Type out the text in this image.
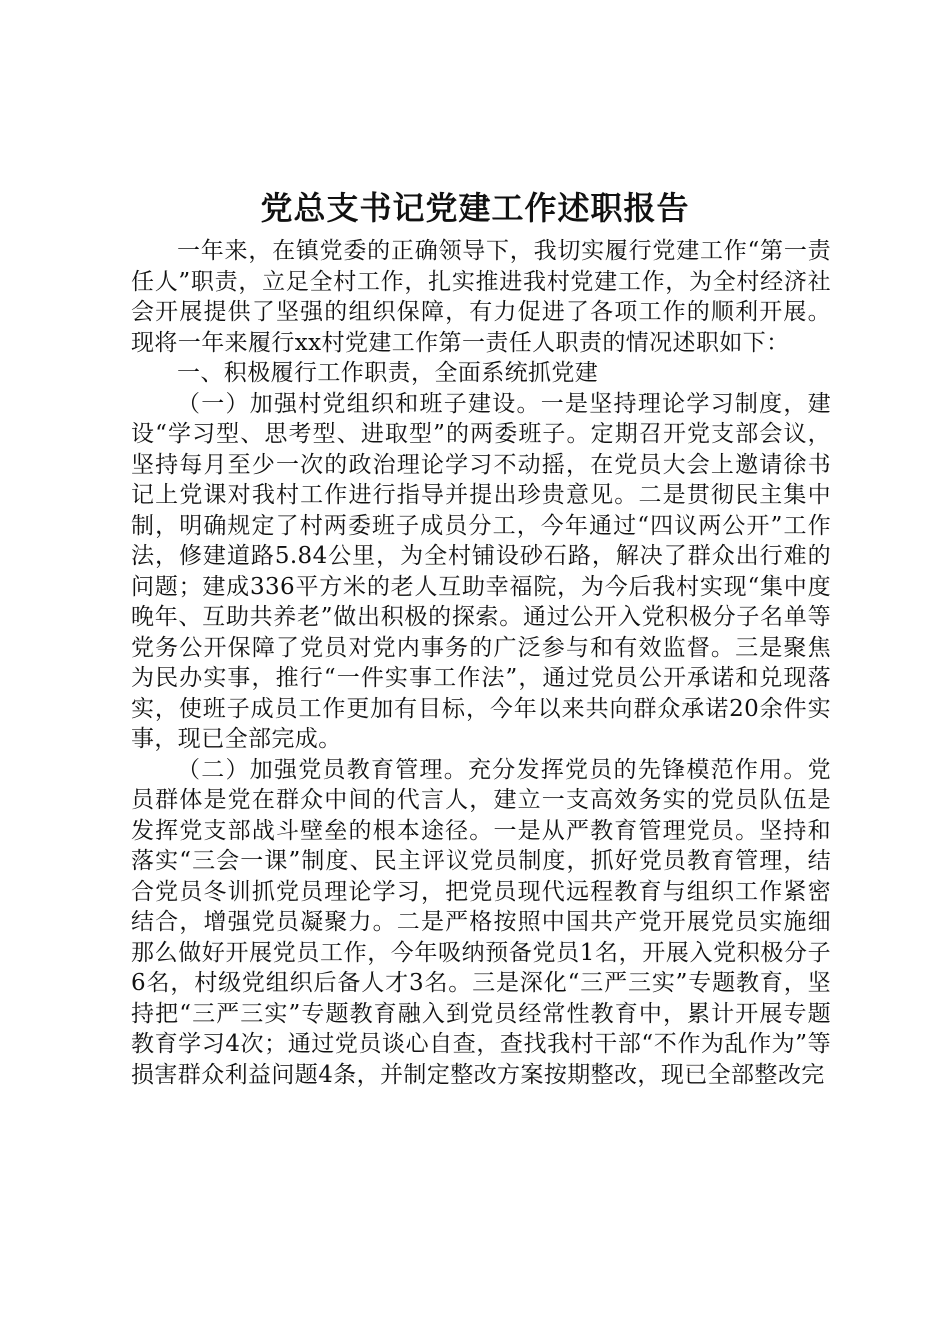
党总支书记党建工作述职报告

一年来，在镇党委的正确领导下，我切实履行党建工作“第一责任人”职责，立足全村工作，扎实推进我村党建工作，为全村经济社会开展提供了坚强的组织保障，有力促进了各项工作的顺利开展。现将一年来履行xx村党建工作第一责任人职责的情况述职如下：

一、积极履行工作职责，全面系统抓党建

（一）加强村党组织和班子建设。一是坚持理论学习制度，建设“学习型、思考型、进取型”的两委班子。定期召开党支部会议，坚持每月至少一次的政治理论学习不动摇，在党员大会上邀请徐书记上党课对我村工作进行指导并提出珍贵意见。二是贯彻民主集中制，明确规定了村两委班子成员分工，今年通过“四议两公开”工作法，修建道路5.84公里，为全村铺设砂石路，解决了群众出行难的问题；建成336平方米的老人互助幸福院，为今后我村实现“集中度晚年、互助共养老”做出积极的探索。通过公开入党积极分子名单等党务公开保障了党员对党内事务的广泛参与和有效监督。三是聚焦为民办实事，推行“一件实事工作法”，通过党员公开承诺和兑现落实，使班子成员工作更加有目标，今年以来共向群众承诺20余件实事，现已全部完成。

（二）加强党员教育管理。充分发挥党员的先锋模范作用。党员群体是党在群众中间的代言人，建立一支高效务实的党员队伍是发挥党支部战斗壁垒的根本途径。一是从严教育管理党员。坚持和落实“三会一课”制度、民主评议党员制度，抓好党员教育管理，结合党员冬训抓党员理论学习，把党员现代远程教育与组织工作紧密结合，增强党员凝聚力。二是严格按照中国共产党开展党员实施细那么做好开展党员工作，今年吸纳预备党员1名，开展入党积极分子6名，村级党组织后备人才3名。三是深化“三严三实”专题教育，坚持把“三严三实”专题教育融入到党员经常性教育中，累计开展专题教育学习4次；通过党员谈心自查，查找我村干部“不作为乱作为”等损害群众利益问题4条，并制定整改方案按期整改，现已全部整改完
